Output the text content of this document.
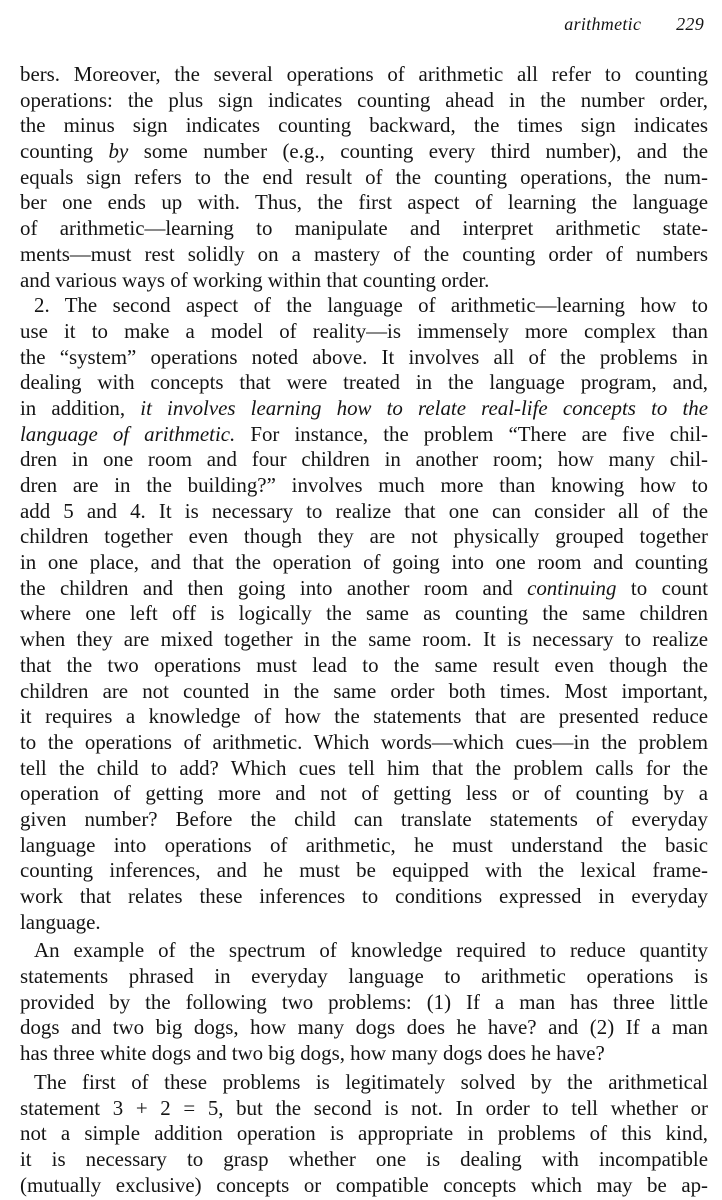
arithmetic 229
bers. Moreover, the several operations of arithmetic all refer to counting
operations: the plus sign indicates counting ahead in the number order,
the minus sign indicates counting backward, the times sign indicates
counting by some number (e.g., counting every third number), and the
equals sign refers to the end result of the counting operations, the num-
ber one ends up with. Thus, the first aspect of learning the language
of arithmetic—learning to manipulate and interpret arithmetic state-
ments—must rest solidly on a mastery of the counting order of numbers
and various ways of working within that counting order.
2. The second aspect of the language of arithmetic—learning how to
use it to make a model of reality—is immensely more complex than
the “system” operations noted above. It involves all of the problems in
dealing with concepts that were treated in the language program, and,
in addition, it involves learning how to relate real-life concepts to the
language of arithmetic. For instance, the problem “There are five chil-
dren in one room and four children in another room; how many chil-
dren are in the building?” involves much more than knowing how to
add 5 and 4. It is necessary to realize that one can consider all of the
children together even though they are not physically grouped together
in one place, and that the operation of going into one room and counting
the children and then going into another room and continuing to count
where one left off is logically the same as counting the same children
when they are mixed together in the same room. It is necessary to realize
that the two operations must lead to the same result even though the
children are not counted in the same order both times. Most important,
it requires a knowledge of how the statements that are presented reduce
to the operations of arithmetic. Which words—which cues—in the problem
tell the child to add? Which cues tell him that the problem calls for the
operation of getting more and not of getting less or of counting by a
given number? Before the child can translate statements of everyday
language into operations of arithmetic, he must understand the basic
counting inferences, and he must be equipped with the lexical frame-
work that relates these inferences to conditions expressed in everyday
language.
An example of the spectrum of knowledge required to reduce quantity
statements phrased in everyday language to arithmetic operations is
provided by the following two problems: (1) If a man has three little
dogs and two big dogs, how many dogs does he have? and (2) If a man
has three white dogs and two big dogs, how many dogs does he have?
The first of these problems is legitimately solved by the arithmetical
statement 3 + 2 = 5, but the second is not. In order to tell whether or
not a simple addition operation is appropriate in problems of this kind,
it is necessary to grasp whether one is dealing with incompatible
(mutually exclusive) concepts or compatible concepts which may be ap-
